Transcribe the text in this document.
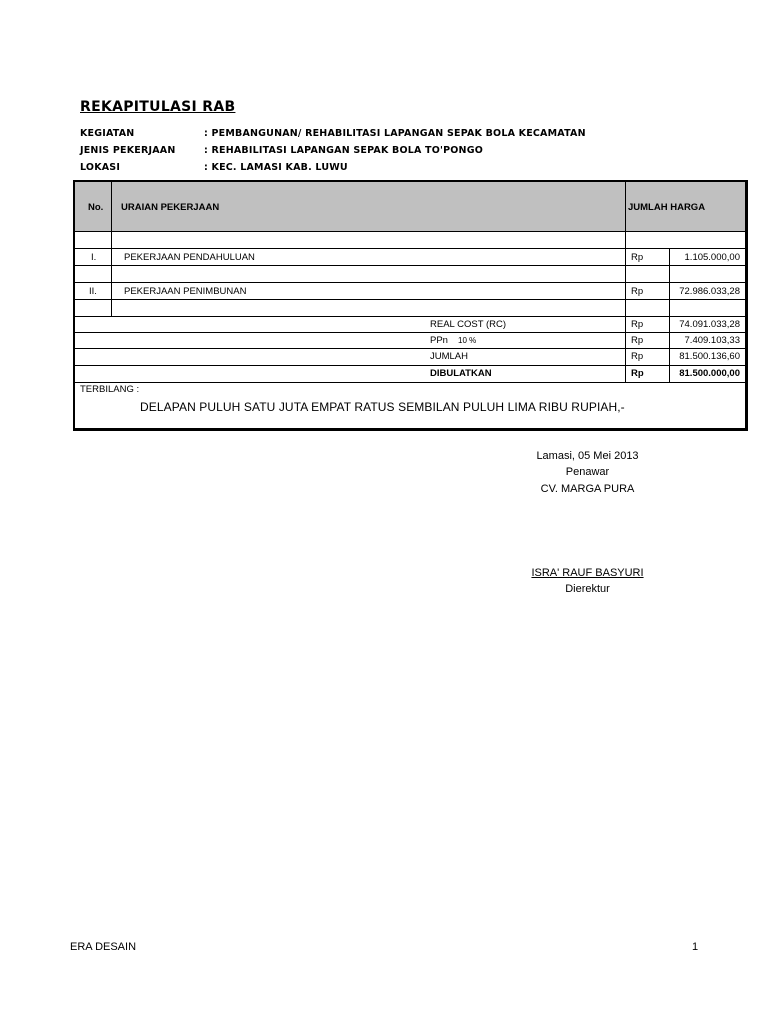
REKAPITULASI RAB
KEGIATAN	: PEMBANGUNAN/ REHABILITASI LAPANGAN SEPAK BOLA KECAMATAN
JENIS PEKERJAAN	: REHABILITASI LAPANGAN SEPAK BOLA TO'PONGO
LOKASI	: KEC. LAMASI KAB. LUWU
No. URAIAN PEKERJAAN	JUMLAH HARGA
I.	PEKERJAAN PENDAHULUAN	Rp	1.105.000,00
II.	PEKERJAAN PENIMBUNAN	Rp	72.986.033,28
REAL COST (RC)	Rp	74.091.033,28
PPn 10 %	Rp	7.409.103,33
JUMLAH	Rp	81.500.136,60
DIBULATKAN	Rp	81.500.000,00
TERBILANG :
DELAPAN PULUH SATU JUTA EMPAT RATUS SEMBILAN PULUH LIMA RIBU RUPIAH,-
Lamasi, 05 Mei 2013
Penawar
CV. MARGA PURA
ISRA' RAUF BASYURI
Dierektur
ERA DESAIN	1
